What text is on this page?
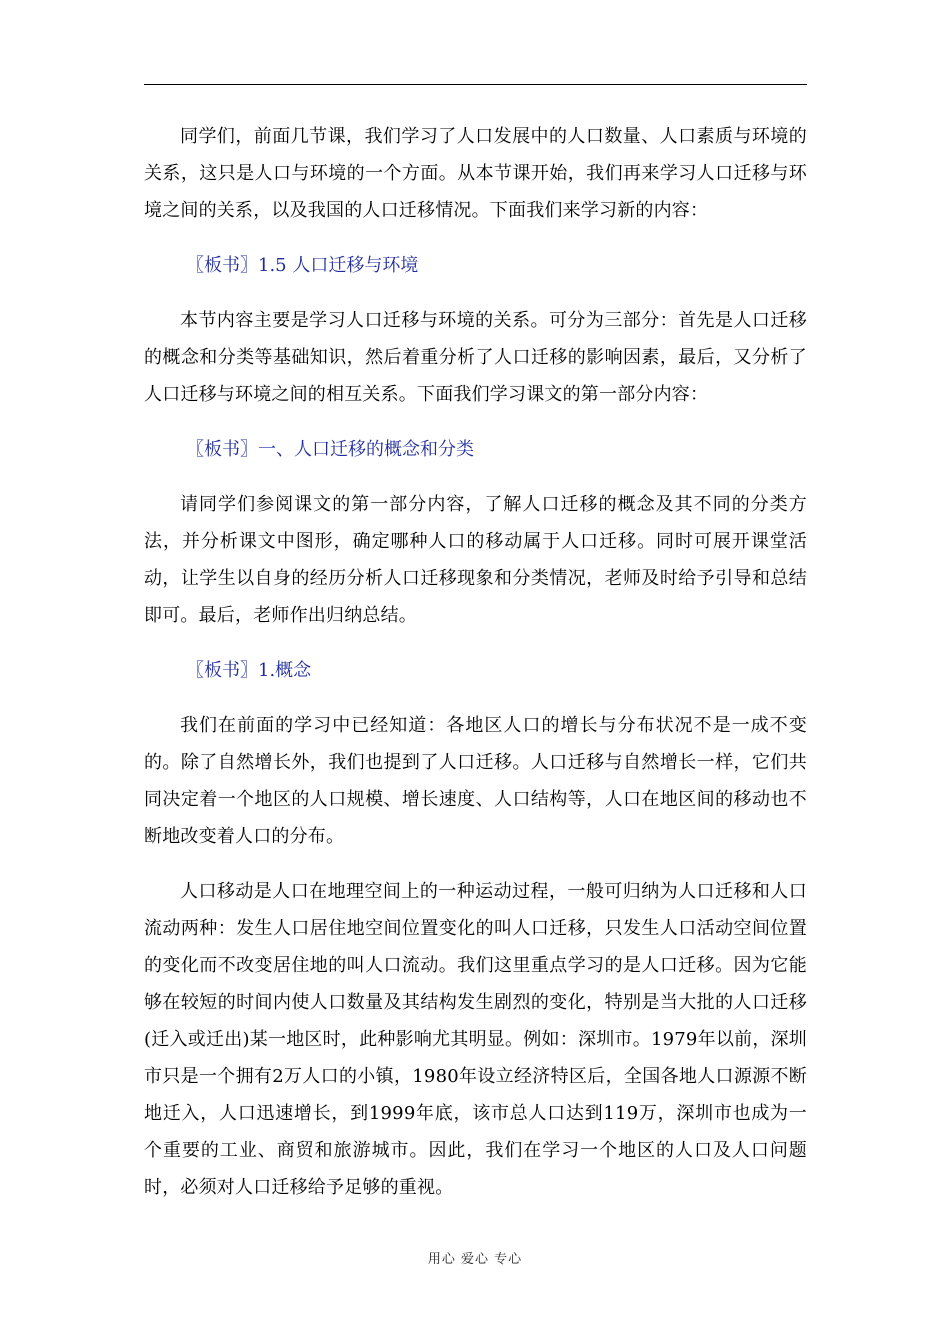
同学们，前面几节课，我们学习了人口发展中的人口数量、人口素质与环境的关系，这只是人口与环境的一个方面。从本节课开始，我们再来学习人口迁移与环境之间的关系，以及我国的人口迁移情况。下面我们来学习新的内容：

〖板书〗1.5 人口迁移与环境

本节内容主要是学习人口迁移与环境的关系。可分为三部分：首先是人口迁移的概念和分类等基础知识，然后着重分析了人口迁移的影响因素，最后，又分析了人口迁移与环境之间的相互关系。下面我们学习课文的第一部分内容：

〖板书〗一、人口迁移的概念和分类

请同学们参阅课文的第一部分内容，了解人口迁移的概念及其不同的分类方法，并分析课文中图形，确定哪种人口的移动属于人口迁移。同时可展开课堂活动，让学生以自身的经历分析人口迁移现象和分类情况，老师及时给予引导和总结即可。最后，老师作出归纳总结。

〖板书〗1.概念

我们在前面的学习中已经知道：各地区人口的增长与分布状况不是一成不变的。除了自然增长外，我们也提到了人口迁移。人口迁移与自然增长一样，它们共同决定着一个地区的人口规模、增长速度、人口结构等，人口在地区间的移动也不断地改变着人口的分布。

人口移动是人口在地理空间上的一种运动过程，一般可归纳为人口迁移和人口流动两种：发生人口居住地空间位置变化的叫人口迁移，只发生人口活动空间位置的变化而不改变居住地的叫人口流动。我们这里重点学习的是人口迁移。因为它能够在较短的时间内使人口数量及其结构发生剧烈的变化，特别是当大批的人口迁移(迁入或迁出)某一地区时，此种影响尤其明显。例如：深圳市。1979年以前，深圳市只是一个拥有2万人口的小镇，1980年设立经济特区后，全国各地人口源源不断地迁入，人口迅速增长，到1999年底，该市总人口达到119万，深圳市也成为一个重要的工业、商贸和旅游城市。因此，我们在学习一个地区的人口及人口问题时，必须对人口迁移给予足够的重视。

用心 爱心 专心
